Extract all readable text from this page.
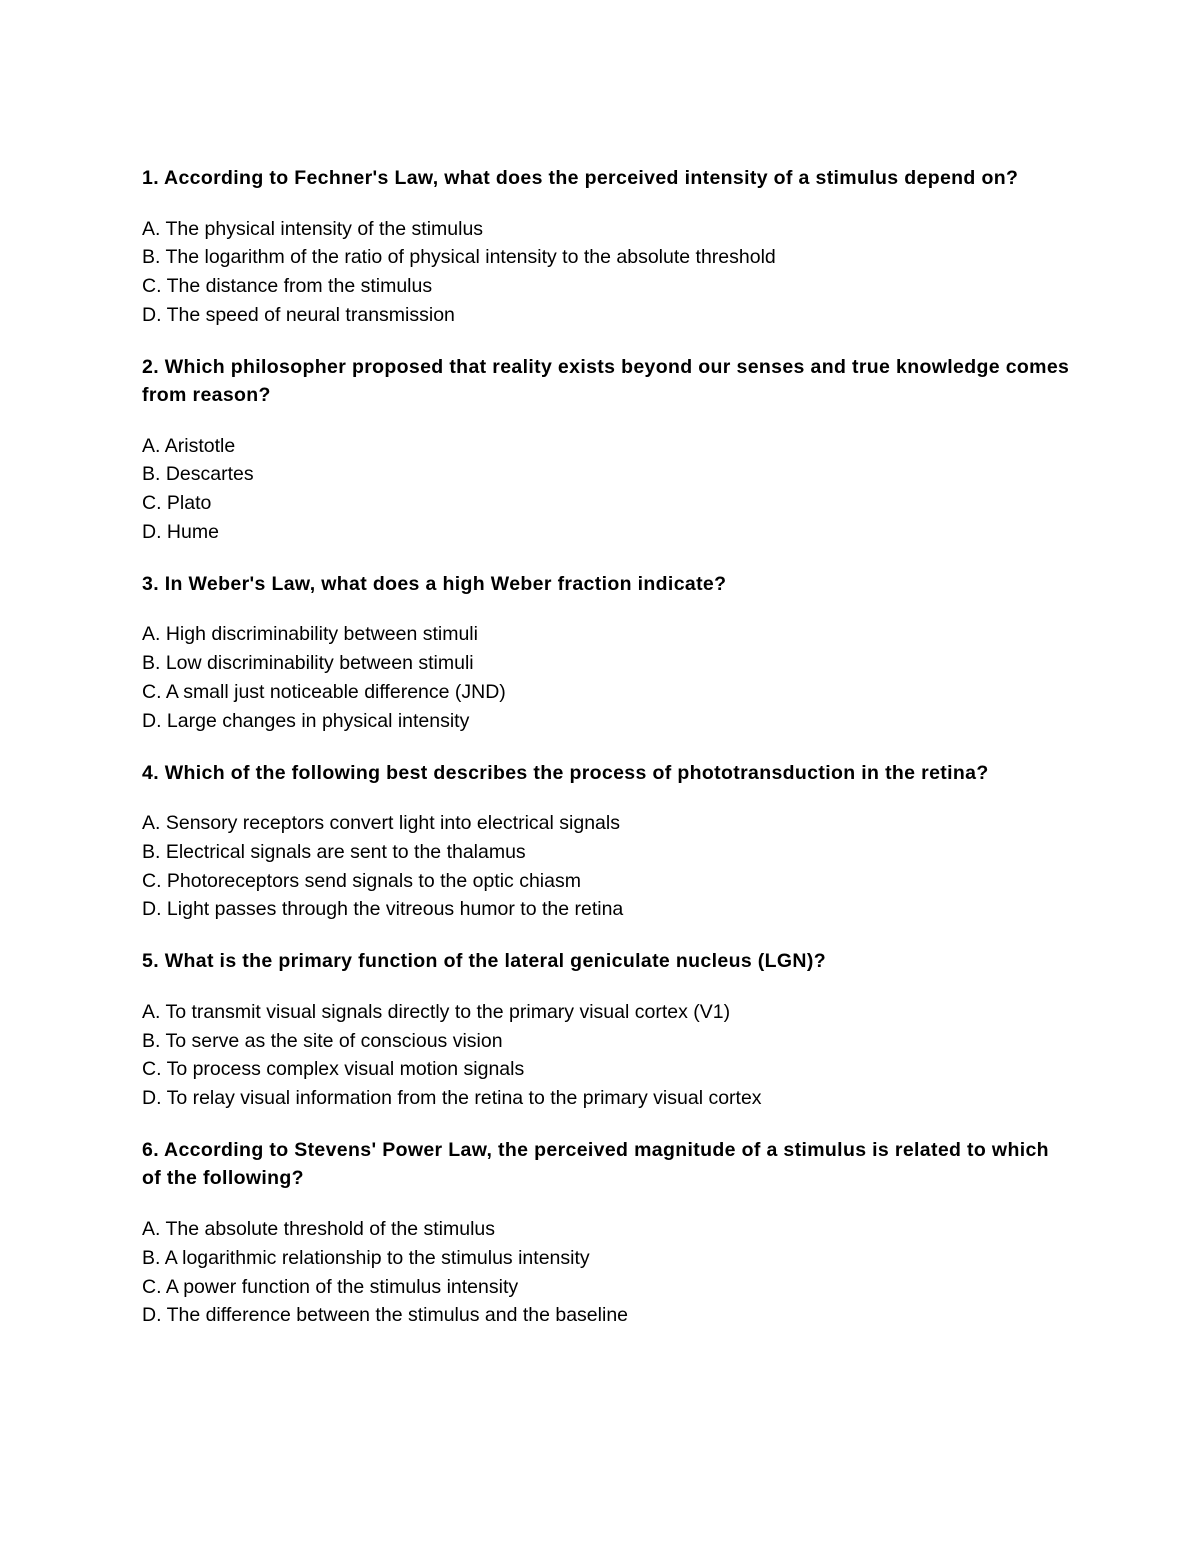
1. According to Fechner's Law, what does the perceived intensity of a stimulus depend on?
A. The physical intensity of the stimulus
B. The logarithm of the ratio of physical intensity to the absolute threshold
C. The distance from the stimulus
D. The speed of neural transmission
2. Which philosopher proposed that reality exists beyond our senses and true knowledge comes from reason?
A. Aristotle
B. Descartes
C. Plato
D. Hume
3. In Weber's Law, what does a high Weber fraction indicate?
A. High discriminability between stimuli
B. Low discriminability between stimuli
C. A small just noticeable difference (JND)
D. Large changes in physical intensity
4. Which of the following best describes the process of phototransduction in the retina?
A. Sensory receptors convert light into electrical signals
B. Electrical signals are sent to the thalamus
C. Photoreceptors send signals to the optic chiasm
D. Light passes through the vitreous humor to the retina
5. What is the primary function of the lateral geniculate nucleus (LGN)?
A. To transmit visual signals directly to the primary visual cortex (V1)
B. To serve as the site of conscious vision
C. To process complex visual motion signals
D. To relay visual information from the retina to the primary visual cortex
6. According to Stevens' Power Law, the perceived magnitude of a stimulus is related to which of the following?
A. The absolute threshold of the stimulus
B. A logarithmic relationship to the stimulus intensity
C. A power function of the stimulus intensity
D. The difference between the stimulus and the baseline
